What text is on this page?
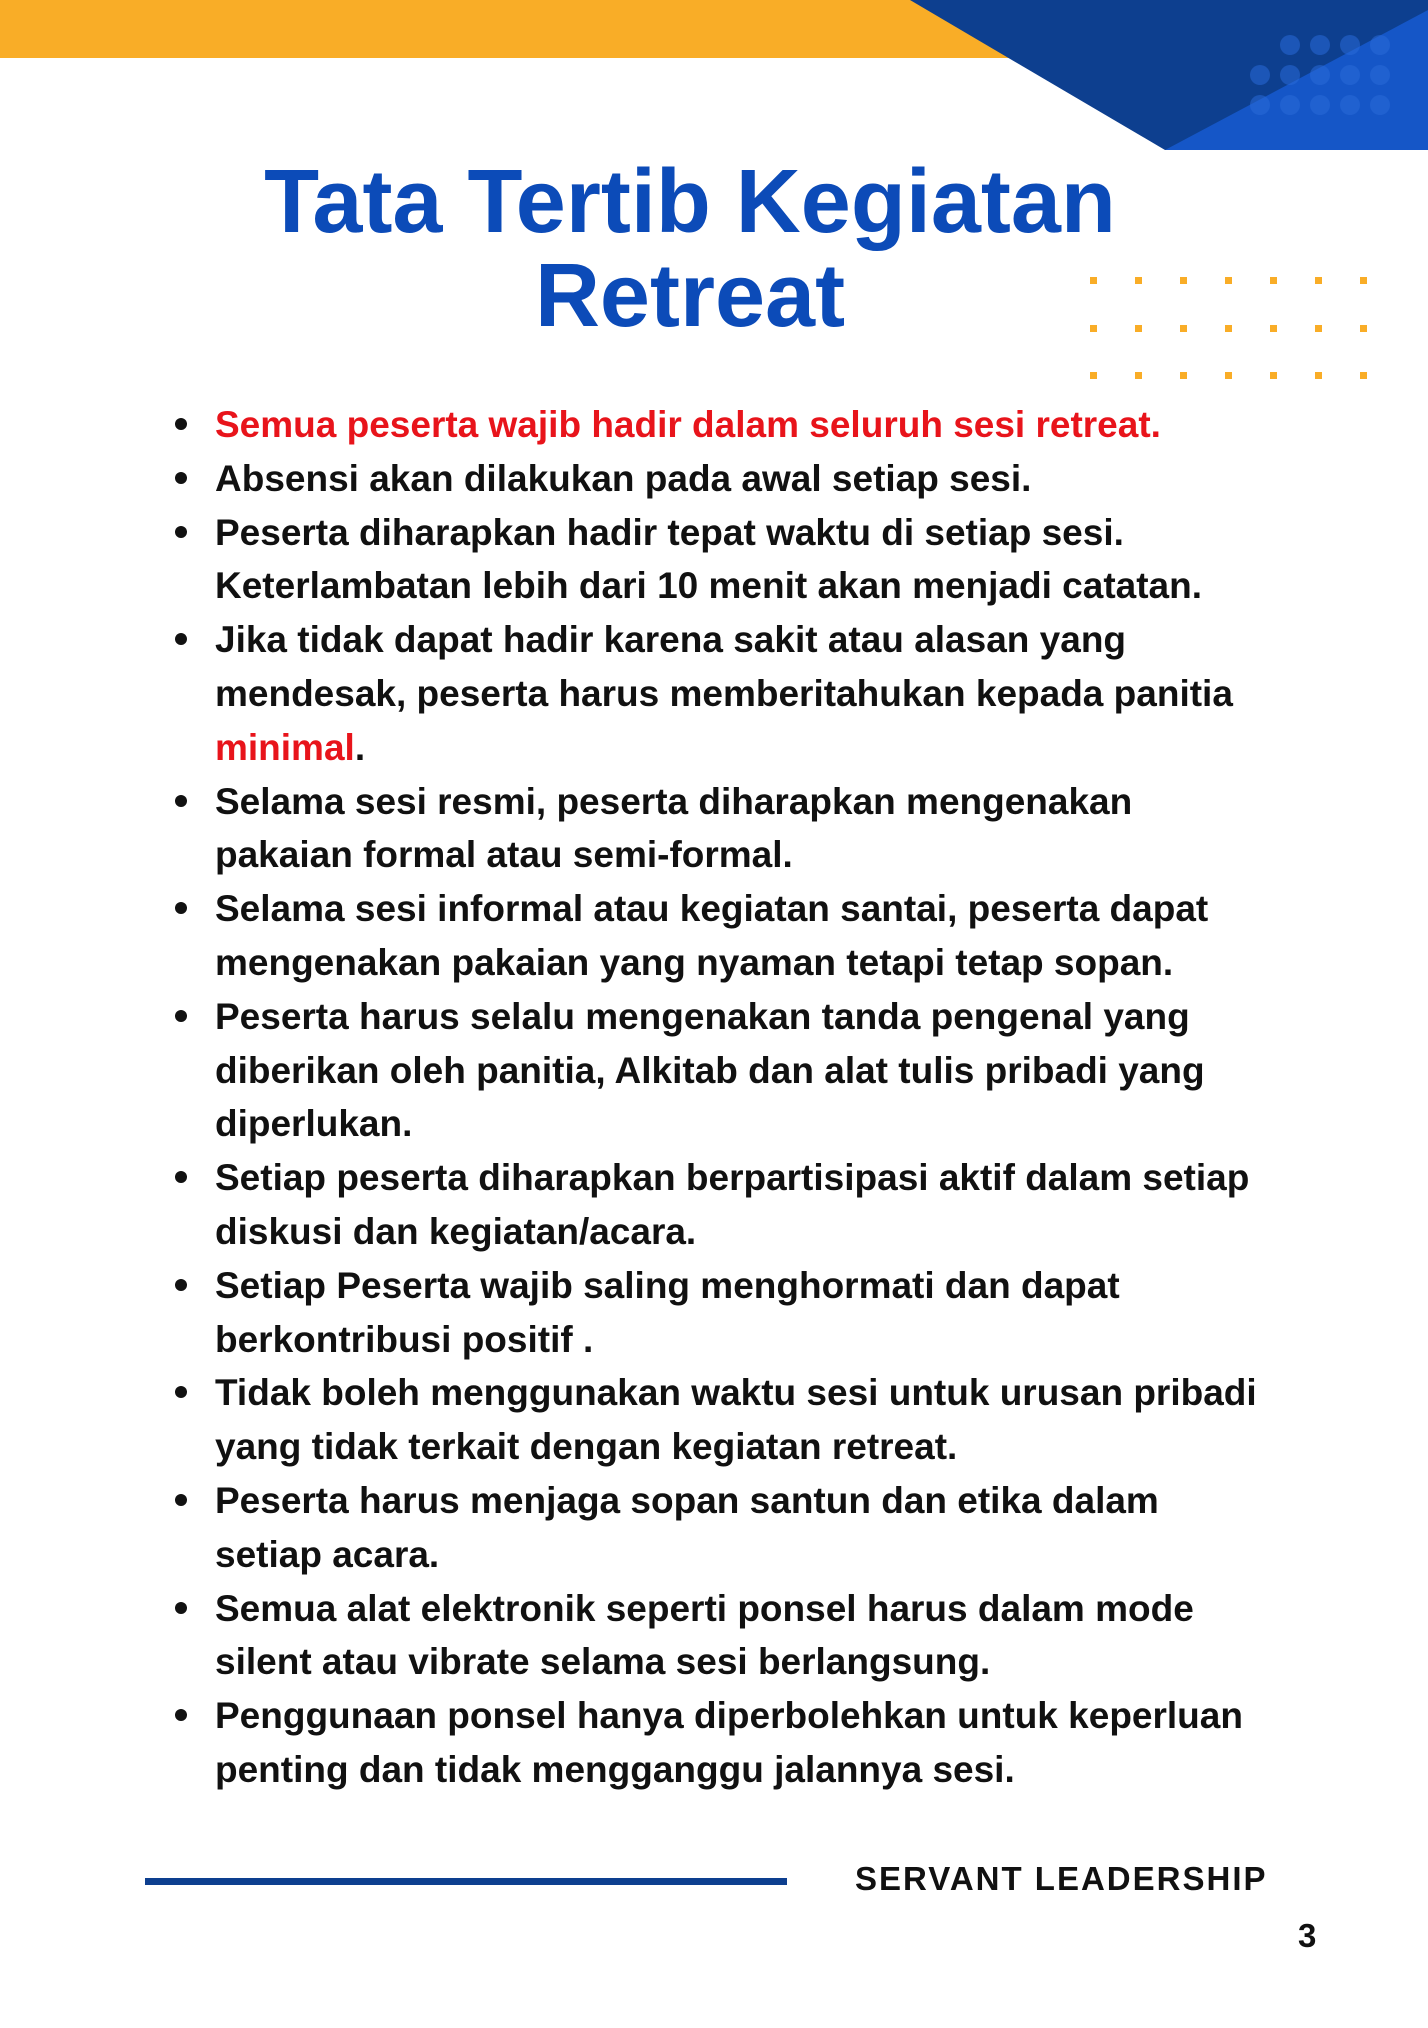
Tata Tertib Kegiatan
Retreat
Semua peserta wajib hadir dalam seluruh sesi retreat.
Absensi akan dilakukan pada awal setiap sesi.
Peserta diharapkan hadir tepat waktu di setiap sesi.
Keterlambatan lebih dari 10 menit akan menjadi catatan.
Jika tidak dapat hadir karena sakit atau alasan yang
mendesak, peserta harus memberitahukan kepada panitia
minimal.
Selama sesi resmi, peserta diharapkan mengenakan
pakaian formal atau semi-formal.
Selama sesi informal atau kegiatan santai, peserta dapat
mengenakan pakaian yang nyaman tetapi tetap sopan.
Peserta harus selalu mengenakan tanda pengenal yang
diberikan oleh panitia, Alkitab dan alat tulis pribadi yang
diperlukan.
Setiap peserta diharapkan berpartisipasi aktif dalam setiap
diskusi dan kegiatan/acara.
Setiap Peserta wajib saling menghormati dan dapat
berkontribusi positif .
Tidak boleh menggunakan waktu sesi untuk urusan pribadi
yang tidak terkait dengan kegiatan retreat.
Peserta harus menjaga sopan santun dan etika dalam
setiap acara.
Semua alat elektronik seperti ponsel harus dalam mode
silent atau vibrate selama sesi berlangsung.
Penggunaan ponsel hanya diperbolehkan untuk keperluan
penting dan tidak mengganggu jalannya sesi.
SERVANT LEADERSHIP
3
